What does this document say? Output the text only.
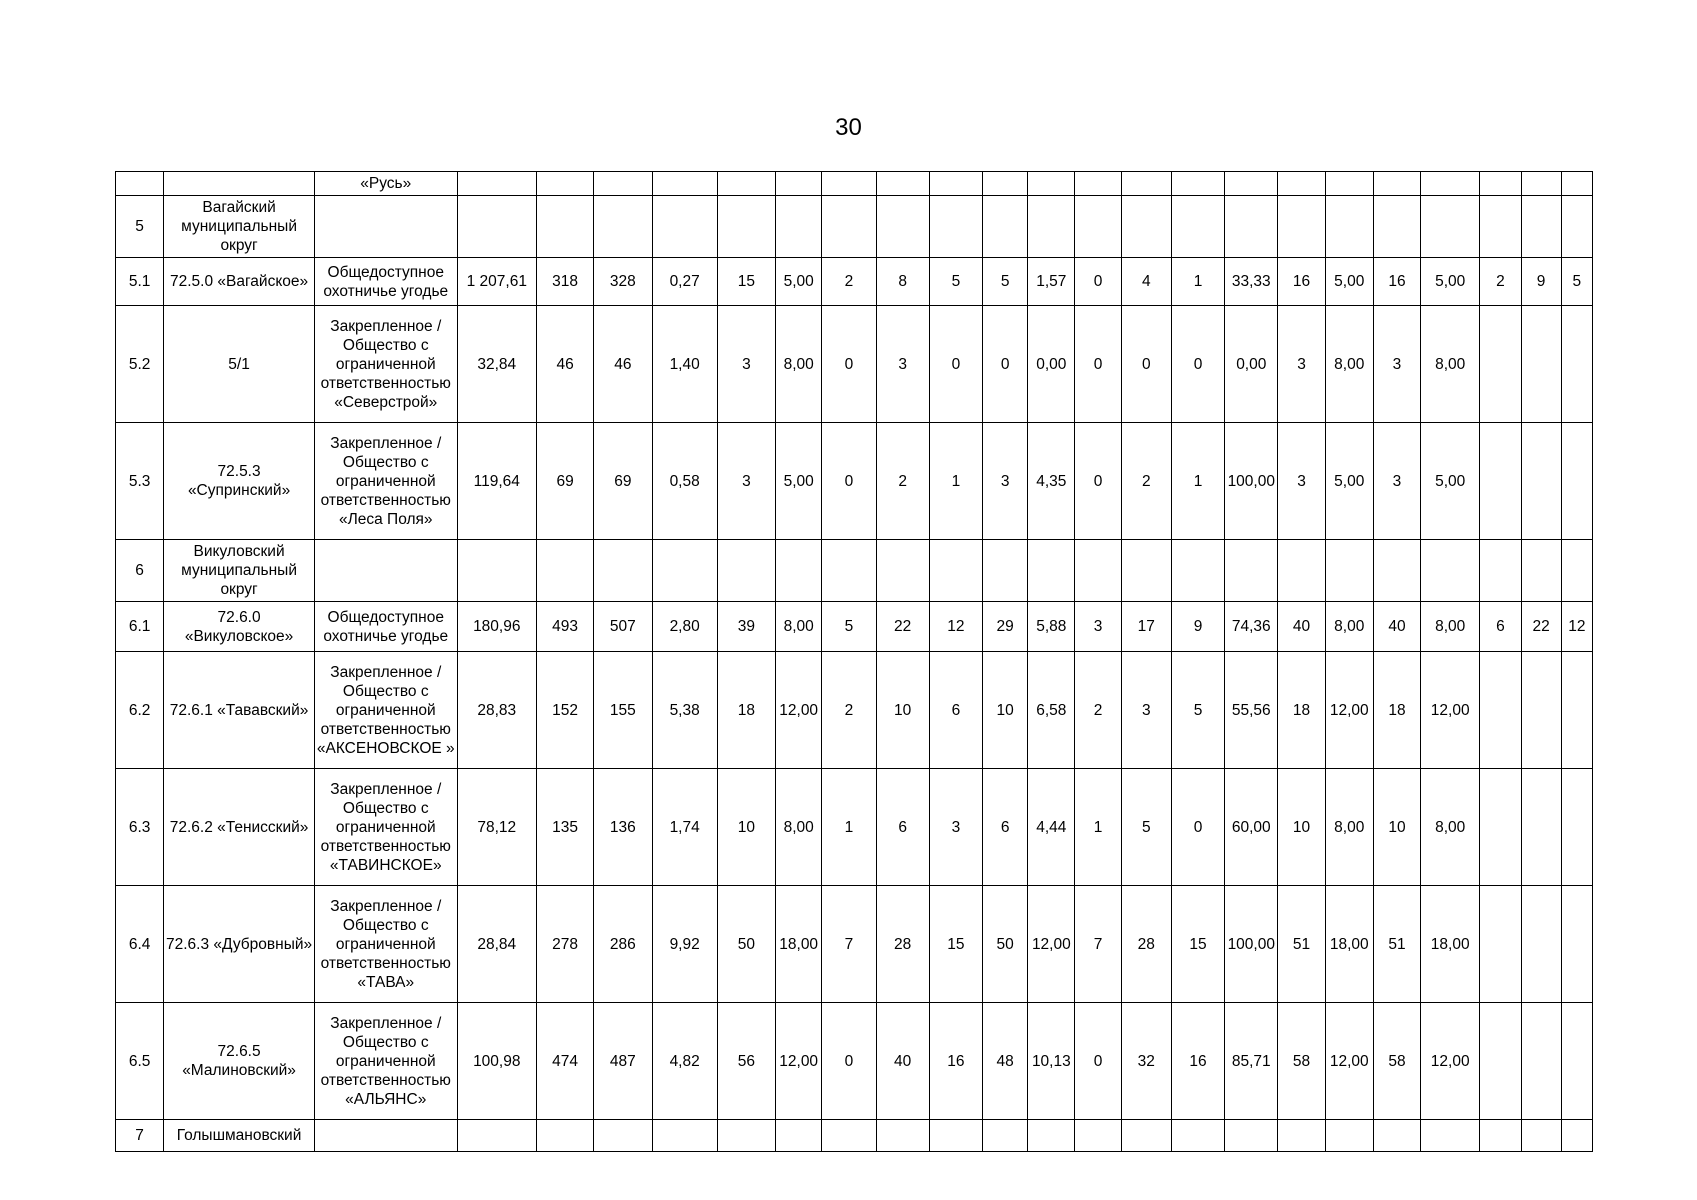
30
		«Русь»																						
5	Вагайский муниципальный округ																							
5.1	72.5.0 «Вагайское»	Общедоступное охотничье угодье	1 207,61	318	328	0,27	15	5,00	2	8	5	5	1,57	0	4	1	33,33	16	5,00	16	5,00	2	9	5
5.2	5/1	Закрепленное / Общество с ограниченной ответственностью «Северстрой»	32,84	46	46	1,40	3	8,00	0	3	0	0	0,00	0	0	0	0,00	3	8,00	3	8,00			
5.3	72.5.3 «Супринский»	Закрепленное / Общество с ограниченной ответственностью «Леса Поля»	119,64	69	69	0,58	3	5,00	0	2	1	3	4,35	0	2	1	100,00	3	5,00	3	5,00			
6	Викуловский муниципальный округ																							
6.1	72.6.0 «Викуловское»	Общедоступное охотничье угодье	180,96	493	507	2,80	39	8,00	5	22	12	29	5,88	3	17	9	74,36	40	8,00	40	8,00	6	22	12
6.2	72.6.1 «Тававский»	Закрепленное / Общество с ограниченной ответственностью «АКСЕНОВСКОЕ »	28,83	152	155	5,38	18	12,00	2	10	6	10	6,58	2	3	5	55,56	18	12,00	18	12,00			
6.3	72.6.2 «Тенисский»	Закрепленное / Общество с ограниченной ответственностью «ТАВИНСКОЕ»	78,12	135	136	1,74	10	8,00	1	6	3	6	4,44	1	5	0	60,00	10	8,00	10	8,00			
6.4	72.6.3 «Дубровный»	Закрепленное / Общество с ограниченной ответственностью «ТАВА»	28,84	278	286	9,92	50	18,00	7	28	15	50	12,00	7	28	15	100,00	51	18,00	51	18,00			
6.5	72.6.5 «Малиновский»	Закрепленное / Общество с ограниченной ответственностью «АЛЬЯНС»	100,98	474	487	4,82	56	12,00	0	40	16	48	10,13	0	32	16	85,71	58	12,00	58	12,00			
7	Голышмановский																							
